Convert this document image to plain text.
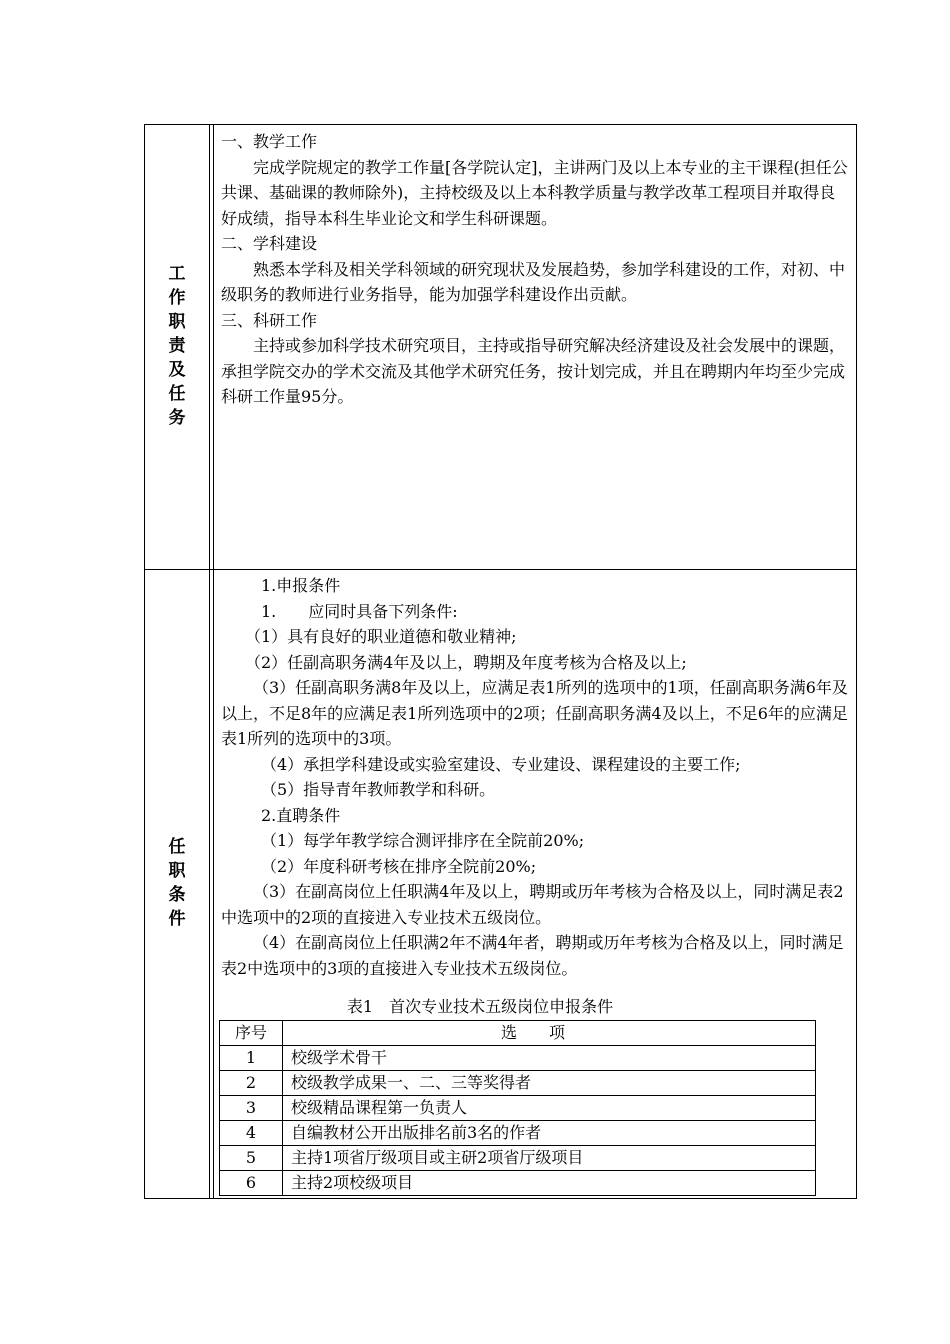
工
作
职
责
及
任
务

一、教学工作

完成学院规定的教学工作量[各学院认定]，主讲两门及以上本专业的主干课程(担任公共课、基础课的教师除外)，主持校级及以上本科教学质量与教学改革工程项目并取得良好成绩，指导本科生毕业论文和学生科研课题。

二、学科建设

熟悉本学科及相关学科领域的研究现状及发展趋势，参加学科建设的工作，对初、中级职务的教师进行业务指导，能为加强学科建设作出贡献。

三、科研工作

主持或参加科学技术研究项目，主持或指导研究解决经济建设及社会发展中的课题，承担学院交办的学术交流及其他学术研究任务，按计划完成，并且在聘期内年均至少完成科研工作量95分。

任
职
条
件

1.申报条件

1.　　应同时具备下列条件:

（1）具有良好的职业道德和敬业精神;

（2）任副高职务满4年及以上，聘期及年度考核为合格及以上;

（3）任副高职务满8年及以上，应满足表1所列的选项中的1项，任副高职务满6年及以上，不足8年的应满足表1所列选项中的2项；任副高职务满4及以上，不足6年的应满足表1所列的选项中的3项。

（4）承担学科建设或实验室建设、专业建设、课程建设的主要工作;

（5）指导青年教师教学和科研。

2.直聘条件

（1）每学年教学综合测评排序在全院前20%;

（2）年度科研考核在排序全院前20%;

（3）在副高岗位上任职满4年及以上，聘期或历年考核为合格及以上，同时满足表2中选项中的2项的直接进入专业技术五级岗位。

（4）在副高岗位上任职满2年不满4年者，聘期或历年考核为合格及以上，同时满足表2中选项中的3项的直接进入专业技术五级岗位。

表1　首次专业技术五级岗位申报条件
序号	选项
1	校级学术骨干
2	校级教学成果一、二、三等奖得者
3	校级精品课程第一负责人
4	自编教材公开出版排名前3名的作者
5	主持1项省厅级项目或主研2项省厅级项目
6	主持2项校级项目
